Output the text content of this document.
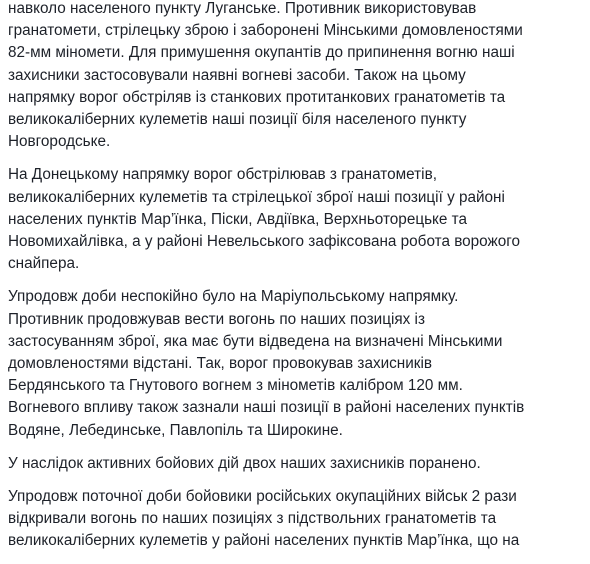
навколо населеного пункту Луганське. Противник використовував
гранатомети, стрілецьку зброю і заборонені Мінськими домовленостями
82-мм міномети. Для примушення окупантів до припинення вогню наші
захисники застосовували наявні вогневі засоби. Також на цьому
напрямку ворог обстріляв із станкових протитанкових гранатометів та
великокаліберних кулеметів наші позиції біля населеного пункту
Новгородське.

На Донецькому напрямку ворог обстрілював з гранатометів,
великокаліберних кулеметів та стрілецької зброї наші позиції у районі
населених пунктів Мар’їнка, Піски, Авдіївка, Верхньоторецьке та
Новомихайлівка, а у районі Невельського зафіксована робота ворожого
снайпера.

Упродовж доби неспокійно було на Маріупольському напрямку.
Противник продовжував вести вогонь по наших позиціях із
застосуванням зброї, яка має бути відведена на визначені Мінськими
домовленостями відстані. Так, ворог провокував захисників
Бердянського та Гнутового вогнем з мінометів калібром 120 мм.
Вогневого впливу також зазнали наші позиції в районі населених пунктів
Водяне, Лебединське, Павлопіль та Широкине.

У наслідок активних бойових дій двох наших захисників поранено.

Упродовж поточної доби бойовики російських окупаційних військ 2 рази
відкривали вогонь по наших позиціях з підствольних гранатометів та
великокаліберних кулеметів у районі населених пунктів Мар’їнка, що на
